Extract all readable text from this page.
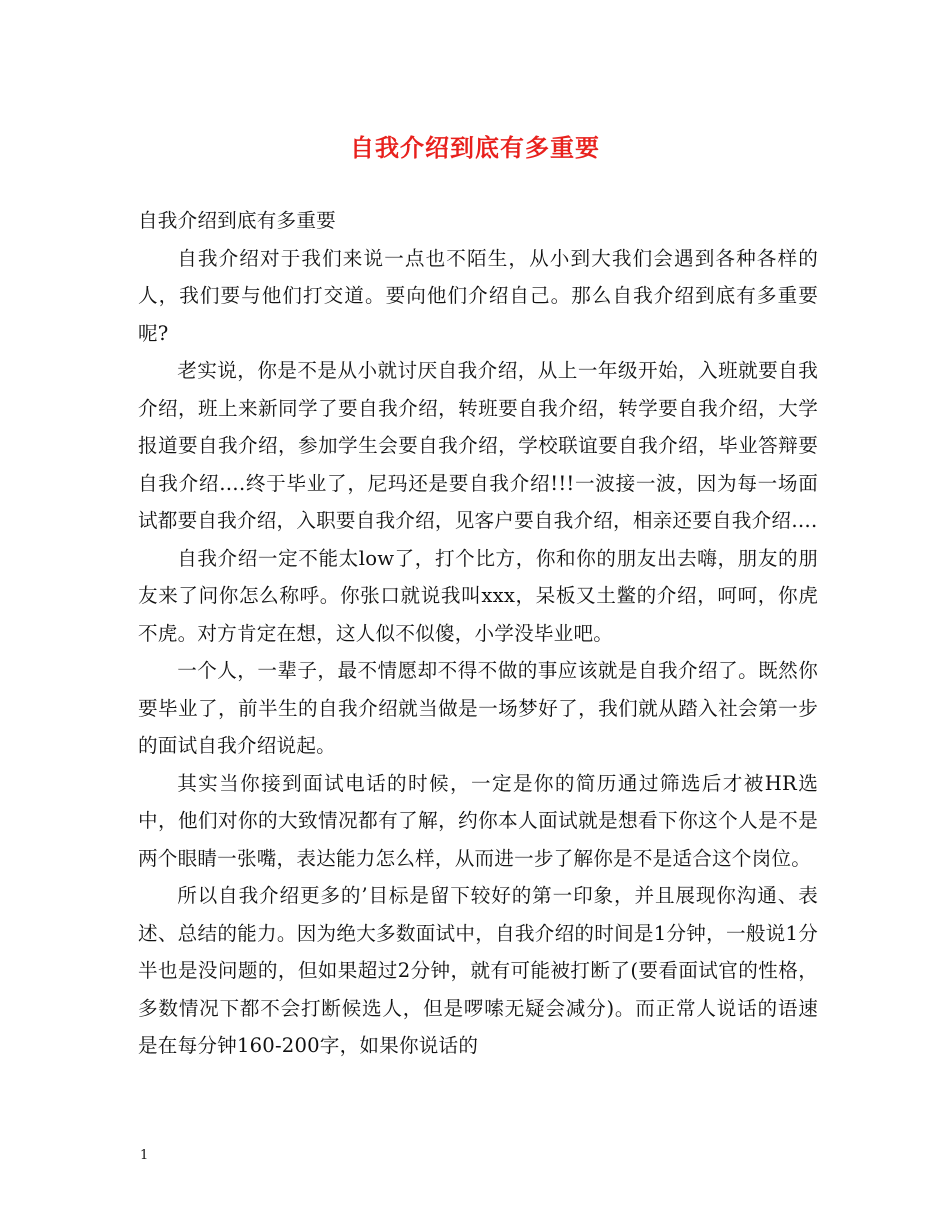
自我介绍到底有多重要

自我介绍到底有多重要

自我介绍对于我们来说一点也不陌生，从小到大我们会遇到各种各样的人，我们要与他们打交道。要向他们介绍自己。那么自我介绍到底有多重要呢?

老实说，你是不是从小就讨厌自我介绍，从上一年级开始，入班就要自我介绍，班上来新同学了要自我介绍，转班要自我介绍，转学要自我介绍，大学报道要自我介绍，参加学生会要自我介绍，学校联谊要自我介绍，毕业答辩要自我介绍….终于毕业了，尼玛还是要自我介绍!!!一波接一波，因为每一场面试都要自我介绍，入职要自我介绍，见客户要自我介绍，相亲还要自我介绍….

自我介绍一定不能太low了，打个比方，你和你的朋友出去嗨，朋友的朋友来了问你怎么称呼。你张口就说我叫xxx，呆板又土鳖的介绍，呵呵，你虎不虎。对方肯定在想，这人似不似傻，小学没毕业吧。

一个人，一辈子，最不情愿却不得不做的事应该就是自我介绍了。既然你要毕业了，前半生的自我介绍就当做是一场梦好了，我们就从踏入社会第一步的面试自我介绍说起。

其实当你接到面试电话的时候，一定是你的简历通过筛选后才被HR选中，他们对你的大致情况都有了解，约你本人面试就是想看下你这个人是不是两个眼睛一张嘴，表达能力怎么样，从而进一步了解你是不是适合这个岗位。

所以自我介绍更多的’目标是留下较好的第一印象，并且展现你沟通、表述、总结的能力。因为绝大多数面试中，自我介绍的时间是1分钟，一般说1分半也是没问题的，但如果超过2分钟，就有可能被打断了(要看面试官的性格，多数情况下都不会打断候选人，但是啰嗦无疑会减分)。而正常人说话的语速是在每分钟160-200字，如果你说话的

1
